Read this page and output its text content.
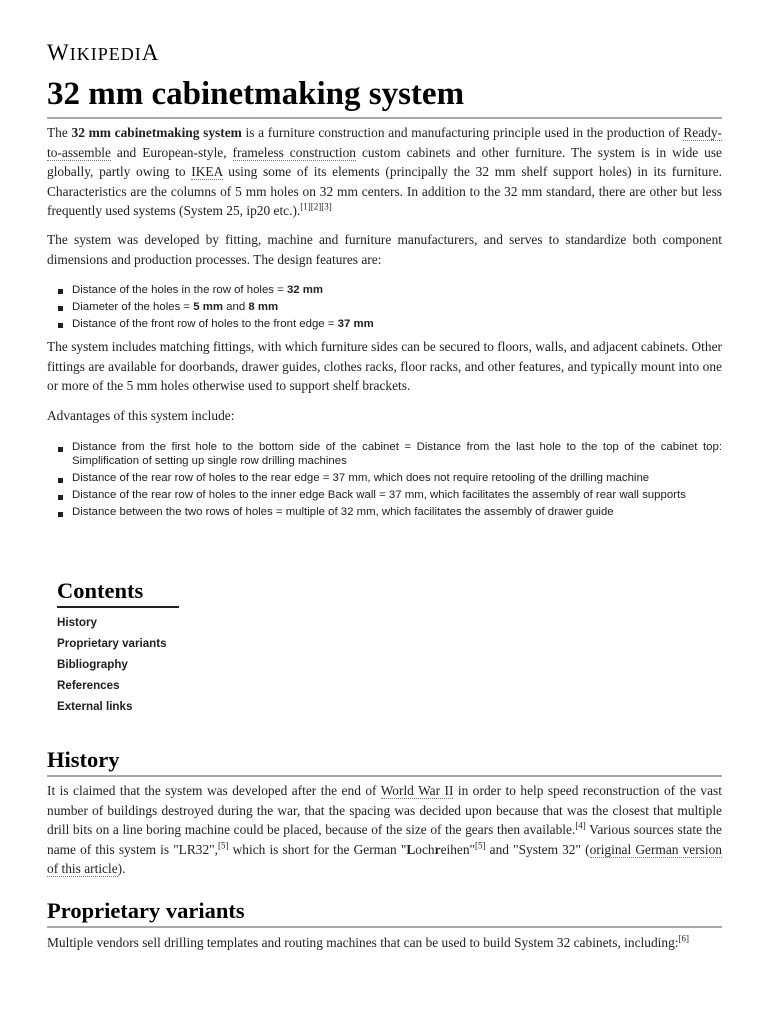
WIKIPEDIA
32 mm cabinetmaking system

The 32 mm cabinetmaking system is a furniture construction and manufacturing principle used in the production of Ready-to-assemble and European-style, frameless construction custom cabinets and other furniture. The system is in wide use globally, partly owing to IKEA using some of its elements (principally the 32 mm shelf support holes) in its furniture. Characteristics are the columns of 5 mm holes on 32 mm centers. In addition to the 32 mm standard, there are other but less frequently used systems (System 25, ip20 etc.).[1][2][3]

The system was developed by fitting, machine and furniture manufacturers, and serves to standardize both component dimensions and production processes. The design features are:

Distance of the holes in the row of holes = 32 mm
Diameter of the holes = 5 mm and 8 mm
Distance of the front row of holes to the front edge = 37 mm

The system includes matching fittings, with which furniture sides can be secured to floors, walls, and adjacent cabinets. Other fittings are available for doorbands, drawer guides, clothes racks, floor racks, and other features, and typically mount into one or more of the 5 mm holes otherwise used to support shelf brackets.

Advantages of this system include:

Distance from the first hole to the bottom side of the cabinet = Distance from the last hole to the top of the cabinet top: Simplification of setting up single row drilling machines
Distance of the rear row of holes to the rear edge = 37 mm, which does not require retooling of the drilling machine
Distance of the rear row of holes to the inner edge Back wall = 37 mm, which facilitates the assembly of rear wall supports
Distance between the two rows of holes = multiple of 32 mm, which facilitates the assembly of drawer guide
Contents
History
Proprietary variants
Bibliography
References
External links
History

It is claimed that the system was developed after the end of World War II in order to help speed reconstruction of the vast number of buildings destroyed during the war, that the spacing was decided upon because that was the closest that multiple drill bits on a line boring machine could be placed, because of the size of the gears then available.[4] Various sources state the name of this system is "LR32",[5] which is short for the German "Lochreihen"[5] and "System 32" (original German version of this article).

Proprietary variants

Multiple vendors sell drilling templates and routing machines that can be used to build System 32 cabinets, including:[6]
